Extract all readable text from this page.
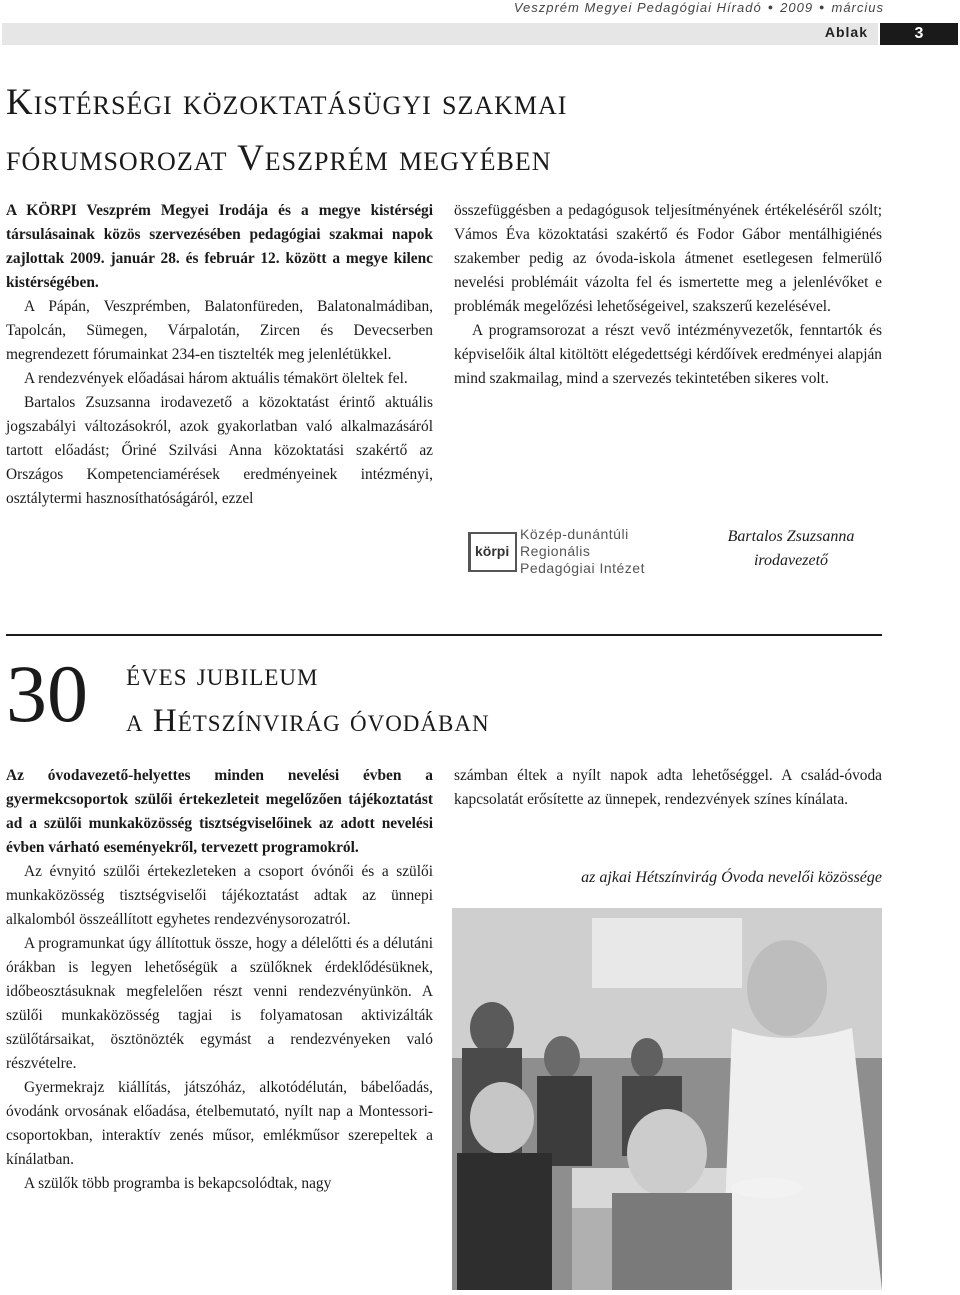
Veszprém Megyei Pedagógiai Híradó ● 2009 ● március
Ablak	3
Kistérségi közoktatásügyi szakmai
fórumsorozat Veszprém megyében

A KÖRPI Veszprém Megyei Irodája és a megye kistérségi társulásainak közös szervezésében pedagógiai szakmai napok zajlottak 2009. január 28. és február 12. között a megye kilenc kistérségében.

A Pápán, Veszprémben, Balatonfüreden, Balatonalmádiban, Tapolcán, Sümegen, Várpalotán, Zircen és Devecserben megrendezett fórumainkat 234-en tisztelték meg jelenlétükkel.

A rendezvények előadásai három aktuális témakört öleltek fel.

Bartalos Zsuzsanna irodavezető a közoktatást érintő aktuális jogszabályi változásokról, azok gyakorlatban való alkalmazásáról tartott előadást; Őriné Szilvási Anna közoktatási szakértő az Országos Kompetenciamérések eredményeinek intézményi, osztálytermi hasznosíthatóságáról, ezzel

összefüggésben a pedagógusok teljesítményének értékeléséről szólt; Vámos Éva közoktatási szakértő és Fodor Gábor mentálhigiénés szakember pedig az óvoda-iskola átmenet esetlegesen felmerülő nevelési problémáit vázolta fel és ismertette meg a jelenlévőket e problémák megelőzési lehetőségeivel, szakszerű kezelésével.

A programsorozat a részt vevő intézményvezetők, fenntartók és képviselőik által kitöltött elégedettségi kérdőívek eredményei alapján mind szakmailag, mind a szervezés tekintetében sikeres volt.

körpi
Közép-dunántúli
Regionális
Pedagógiai Intézet
Bartalos Zsuzsanna
irodavezető
30 éves jubileum
a Hétszínvirág óvodában

Az óvodavezető-helyettes minden nevelési évben a gyermekcsoportok szülői értekezleteit megelőzően tájékoztatást ad a szülői munkaközösség tisztségviselőinek az adott nevelési évben várható eseményekről, tervezett programokról.

Az évnyitó szülői értekezleteken a csoport óvónői és a szülői munkaközösség tisztségviselői tájékoztatást adtak az ünnepi alkalomból összeállított egyhetes rendezvénysorozatról.

A programunkat úgy állítottuk össze, hogy a délelőtti és a délutáni órákban is legyen lehetőségük a szülőknek érdeklődésüknek, időbeosztásuknak megfelelően részt venni rendezvényünkön. A szülői munkaközösség tagjai is folyamatosan aktivizálták szülőtársaikat, ösztönözték egymást a rendezvényeken való részvételre.

Gyermekrajz kiállítás, játszóház, alkotódélután, bábelőadás, óvodánk orvosának előadása, ételbemutató, nyílt nap a Montessori-csoportokban, interaktív zenés műsor, emlékműsor szerepeltek a kínálatban.

A szülők több programba is bekapcsolódtak, nagy

számban éltek a nyílt napok adta lehetőséggel. A család-óvoda kapcsolatát erősítette az ünnepek, rendezvények színes kínálata.

az ajkai Hétszínvirág Óvoda nevelői közössége
